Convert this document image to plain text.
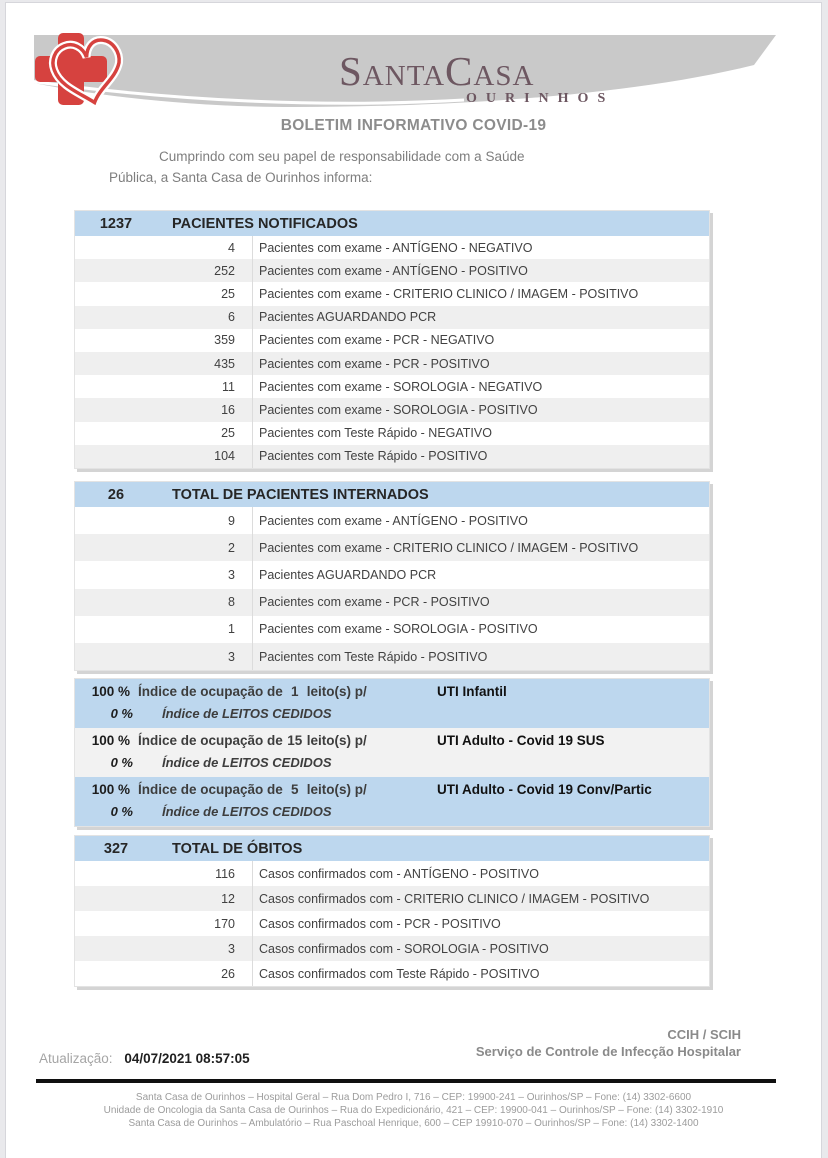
SantaCasa
OURINHOS
BOLETIM INFORMATIVO COVID-19
Cumprindo com seu papel de responsabilidade com a Saúde
Pública, a Santa Casa de Ourinhos informa:
1237	PACIENTES NOTIFICADOS
4	Pacientes com exame - ANTÍGENO - NEGATIVO
252	Pacientes com exame - ANTÍGENO - POSITIVO
25	Pacientes com exame - CRITERIO CLINICO / IMAGEM - POSITIVO
6	Pacientes AGUARDANDO PCR
359	Pacientes com exame - PCR - NEGATIVO
435	Pacientes com exame - PCR - POSITIVO
11	Pacientes com exame - SOROLOGIA - NEGATIVO
16	Pacientes com exame - SOROLOGIA - POSITIVO
25	Pacientes com Teste Rápido - NEGATIVO
104	Pacientes com Teste Rápido - POSITIVO
26	TOTAL DE PACIENTES INTERNADOS
9	Pacientes com exame - ANTÍGENO - POSITIVO
2	Pacientes com exame - CRITERIO CLINICO / IMAGEM - POSITIVO
3	Pacientes AGUARDANDO PCR
8	Pacientes com exame - PCR - POSITIVO
1	Pacientes com exame - SOROLOGIA - POSITIVO
3	Pacientes com Teste Rápido - POSITIVO
100 % Índice de ocupação de 1 leito(s) p/	UTI Infantil
0 % Índice de LEITOS CEDIDOS
100 % Índice de ocupação de 15 leito(s) p/	UTI Adulto - Covid 19 SUS
0 % Índice de LEITOS CEDIDOS
100 % Índice de ocupação de 5 leito(s) p/	UTI Adulto - Covid 19 Conv/Partic
0 % Índice de LEITOS CEDIDOS
327	TOTAL DE ÓBITOS
116	Casos confirmados com - ANTÍGENO - POSITIVO
12	Casos confirmados com - CRITERIO CLINICO / IMAGEM - POSITIVO
170	Casos confirmados com - PCR - POSITIVO
3	Casos confirmados com - SOROLOGIA - POSITIVO
26	Casos confirmados com Teste Rápido - POSITIVO
CCIH / SCIH
Serviço de Controle de Infecção Hospitalar
Atualização: 04/07/2021 08:57:05
Santa Casa de Ourinhos – Hospital Geral – Rua Dom Pedro I, 716 – CEP: 19900-241 – Ourinhos/SP – Fone: (14) 3302-6600
Unidade de Oncologia da Santa Casa de Ourinhos – Rua do Expedicionário, 421 – CEP: 19900-041 – Ourinhos/SP – Fone: (14) 3302-1910
Santa Casa de Ourinhos – Ambulatório – Rua Paschoal Henrique, 600 – CEP 19910-070 – Ourinhos/SP – Fone: (14) 3302-1400
